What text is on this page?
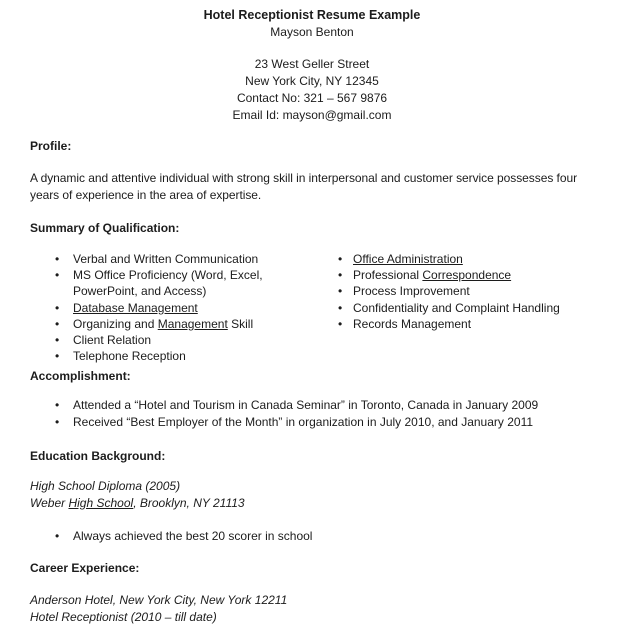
Hotel Receptionist Resume Example
Mayson Benton
23 West Geller Street
New York City, NY 12345
Contact No: 321 – 567 9876
Email Id: mayson@gmail.com
Profile:
A dynamic and attentive individual with strong skill in interpersonal and customer service possesses four years of experience in the area of expertise.
Summary of Qualification:
•	Verbal and Written Communication
•	MS Office Proficiency (Word, Excel, PowerPoint, and Access)
•	Database Management
•	Organizing and Management Skill
•	Client Relation
•	Telephone Reception
• Office Administration
• Professional Correspondence
• Process Improvement
• Confidentiality and Complaint Handling
• Records Management
Accomplishment:
•	Attended a “Hotel and Tourism in Canada Seminar” in Toronto, Canada in January 2009
•	Received “Best Employer of the Month” in organization in July 2010, and January 2011
Education Background:
High School Diploma (2005)
Weber High School, Brooklyn, NY 21113
•	Always achieved the best 20 scorer in school
Career Experience:
Anderson Hotel, New York City, New York 12211
Hotel Receptionist (2010 – till date)
